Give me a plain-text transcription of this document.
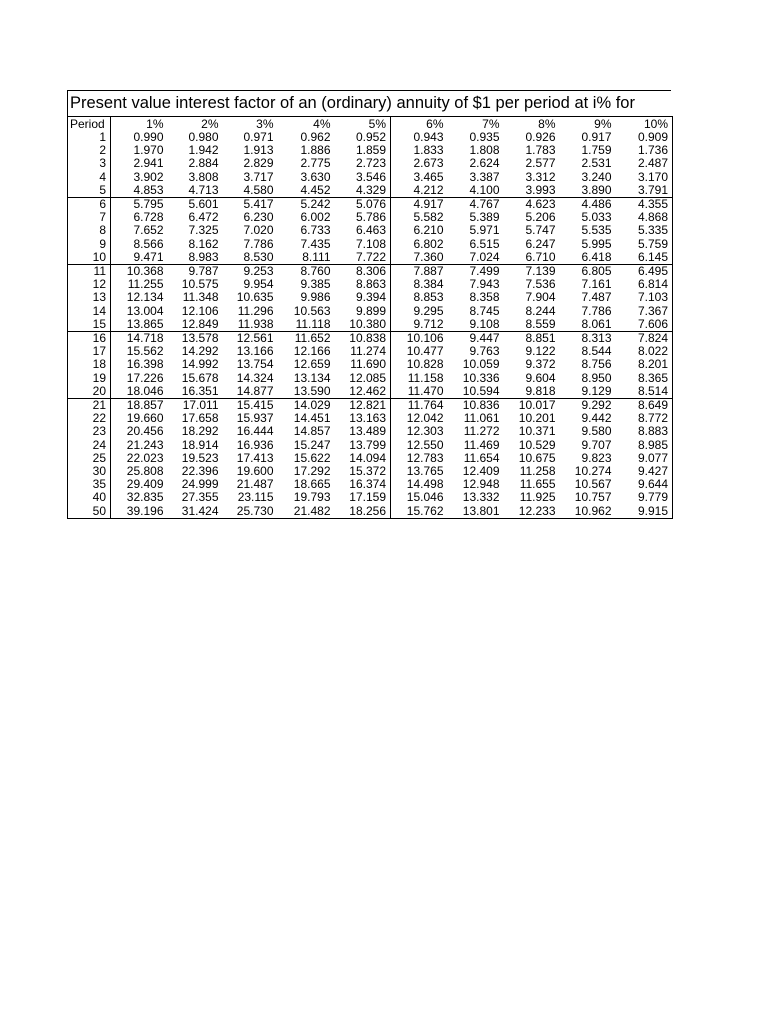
Present value interest factor of an (ordinary) annuity of $1 per period at i% for
Period	1%	2%	3%	4%	5%	6%	7%	8%	9%	10%
1	0.990	0.980	0.971	0.962	0.952	0.943	0.935	0.926	0.917	0.909
2	1.970	1.942	1.913	1.886	1.859	1.833	1.808	1.783	1.759	1.736
3	2.941	2.884	2.829	2.775	2.723	2.673	2.624	2.577	2.531	2.487
4	3.902	3.808	3.717	3.630	3.546	3.465	3.387	3.312	3.240	3.170
5	4.853	4.713	4.580	4.452	4.329	4.212	4.100	3.993	3.890	3.791
6	5.795	5.601	5.417	5.242	5.076	4.917	4.767	4.623	4.486	4.355
7	6.728	6.472	6.230	6.002	5.786	5.582	5.389	5.206	5.033	4.868
8	7.652	7.325	7.020	6.733	6.463	6.210	5.971	5.747	5.535	5.335
9	8.566	8.162	7.786	7.435	7.108	6.802	6.515	6.247	5.995	5.759
10	9.471	8.983	8.530	8.111	7.722	7.360	7.024	6.710	6.418	6.145
11	10.368	9.787	9.253	8.760	8.306	7.887	7.499	7.139	6.805	6.495
12	11.255	10.575	9.954	9.385	8.863	8.384	7.943	7.536	7.161	6.814
13	12.134	11.348	10.635	9.986	9.394	8.853	8.358	7.904	7.487	7.103
14	13.004	12.106	11.296	10.563	9.899	9.295	8.745	8.244	7.786	7.367
15	13.865	12.849	11.938	11.118	10.380	9.712	9.108	8.559	8.061	7.606
16	14.718	13.578	12.561	11.652	10.838	10.106	9.447	8.851	8.313	7.824
17	15.562	14.292	13.166	12.166	11.274	10.477	9.763	9.122	8.544	8.022
18	16.398	14.992	13.754	12.659	11.690	10.828	10.059	9.372	8.756	8.201
19	17.226	15.678	14.324	13.134	12.085	11.158	10.336	9.604	8.950	8.365
20	18.046	16.351	14.877	13.590	12.462	11.470	10.594	9.818	9.129	8.514
21	18.857	17.011	15.415	14.029	12.821	11.764	10.836	10.017	9.292	8.649
22	19.660	17.658	15.937	14.451	13.163	12.042	11.061	10.201	9.442	8.772
23	20.456	18.292	16.444	14.857	13.489	12.303	11.272	10.371	9.580	8.883
24	21.243	18.914	16.936	15.247	13.799	12.550	11.469	10.529	9.707	8.985
25	22.023	19.523	17.413	15.622	14.094	12.783	11.654	10.675	9.823	9.077
30	25.808	22.396	19.600	17.292	15.372	13.765	12.409	11.258	10.274	9.427
35	29.409	24.999	21.487	18.665	16.374	14.498	12.948	11.655	10.567	9.644
40	32.835	27.355	23.115	19.793	17.159	15.046	13.332	11.925	10.757	9.779
50	39.196	31.424	25.730	21.482	18.256	15.762	13.801	12.233	10.962	9.915
